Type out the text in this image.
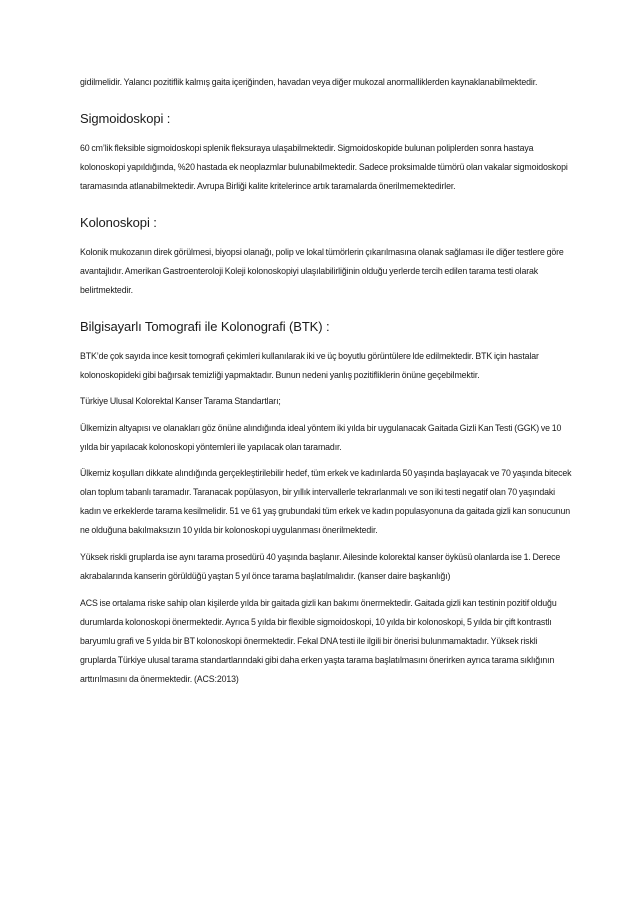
gidilmelidir. Yalancı pozitiflik kalmış gaita içeriğinden, havadan veya diğer mukozal anormalliklerden kaynaklanabilmektedir.

Sigmoidoskopi :

60 cm’lik fleksible sigmoidoskopi splenik fleksuraya ulaşabilmektedir. Sigmoidoskopide bulunan poliplerden sonra hastaya kolonoskopi yapıldığında, %20 hastada ek neoplazmlar bulunabilmektedir. Sadece proksimalde tümörü olan vakalar sigmoidoskopi taramasında atlanabilmektedir. Avrupa Birliği kalite kritelerince artık taramalarda önerilmemektedirler.

Kolonoskopi :

Kolonik mukozanın direk görülmesi, biyopsi olanağı, polip ve lokal tümörlerin çıkarılmasına olanak sağlaması ile diğer testlere göre avantajlıdır. Amerikan Gastroenteroloji Koleji kolonoskopiyi ulaşılabilirliğinin olduğu yerlerde tercih edilen tarama testi olarak belirtmektedir.

Bilgisayarlı Tomografi ile Kolonografi (BTK) :

BTK’de çok sayıda ince kesit tomografi çekimleri kullanılarak iki ve üç boyutlu görüntülere lde edilmektedir. BTK için hastalar kolonoskopideki gibi bağırsak temizliği yapmaktadır. Bunun nedeni yanlış pozitifliklerin önüne geçebilmektir.

Türkiye Ulusal Kolorektal Kanser Tarama Standartları;

Ülkemizin altyapısı ve olanakları göz önüne alındığında ideal yöntem iki yılda bir uygulanacak Gaitada Gizli Kan Testi (GGK) ve 10 yılda bir yapılacak kolonoskopi yöntemleri ile yapılacak olan taramadır.

Ülkemiz koşulları dikkate alındığında gerçekleştirilebilir hedef, tüm erkek ve kadınlarda 50 yaşında başlayacak ve 70 yaşında bitecek olan toplum tabanlı taramadır. Taranacak popülasyon, bir yıllık intervallerle tekrarlanmalı ve son iki testi negatif olan 70 yaşındaki kadın ve erkeklerde tarama kesilmelidir. 51 ve 61 yaş grubundaki tüm erkek ve kadın populasyonuna da gaitada gizli kan sonucunun ne olduğuna bakılmaksızın 10 yılda bir kolonoskopi uygulanması önerilmektedir.

Yüksek riskli gruplarda ise aynı tarama prosedürü 40 yaşında başlanır. Ailesinde kolorektal kanser öyküsü olanlarda ise 1. Derece akrabalarında kanserin görüldüğü yaştan 5 yıl önce tarama başlatılmalıdır. (kanser daire başkanlığı)

ACS ise ortalama riske sahip olan kişilerde yılda bir gaitada gizli kan bakımı önermektedir. Gaitada gizli kan testinin pozitif olduğu durumlarda kolonoskopi önermektedir. Ayrıca 5 yılda bir flexible sigmoidoskopi, 10 yılda bir kolonoskopi, 5 yılda bir çift kontrastlı baryumlu grafi ve 5 yılda bir BT kolonoskopi önermektedir. Fekal DNA testi ile ilgili bir önerisi bulunmamaktadır. Yüksek riskli gruplarda Türkiye ulusal tarama standartlarındaki gibi daha erken yaşta tarama başlatılmasını önerirken ayrıca tarama sıklığının arttırılmasını da önermektedir. (ACS:2013)
